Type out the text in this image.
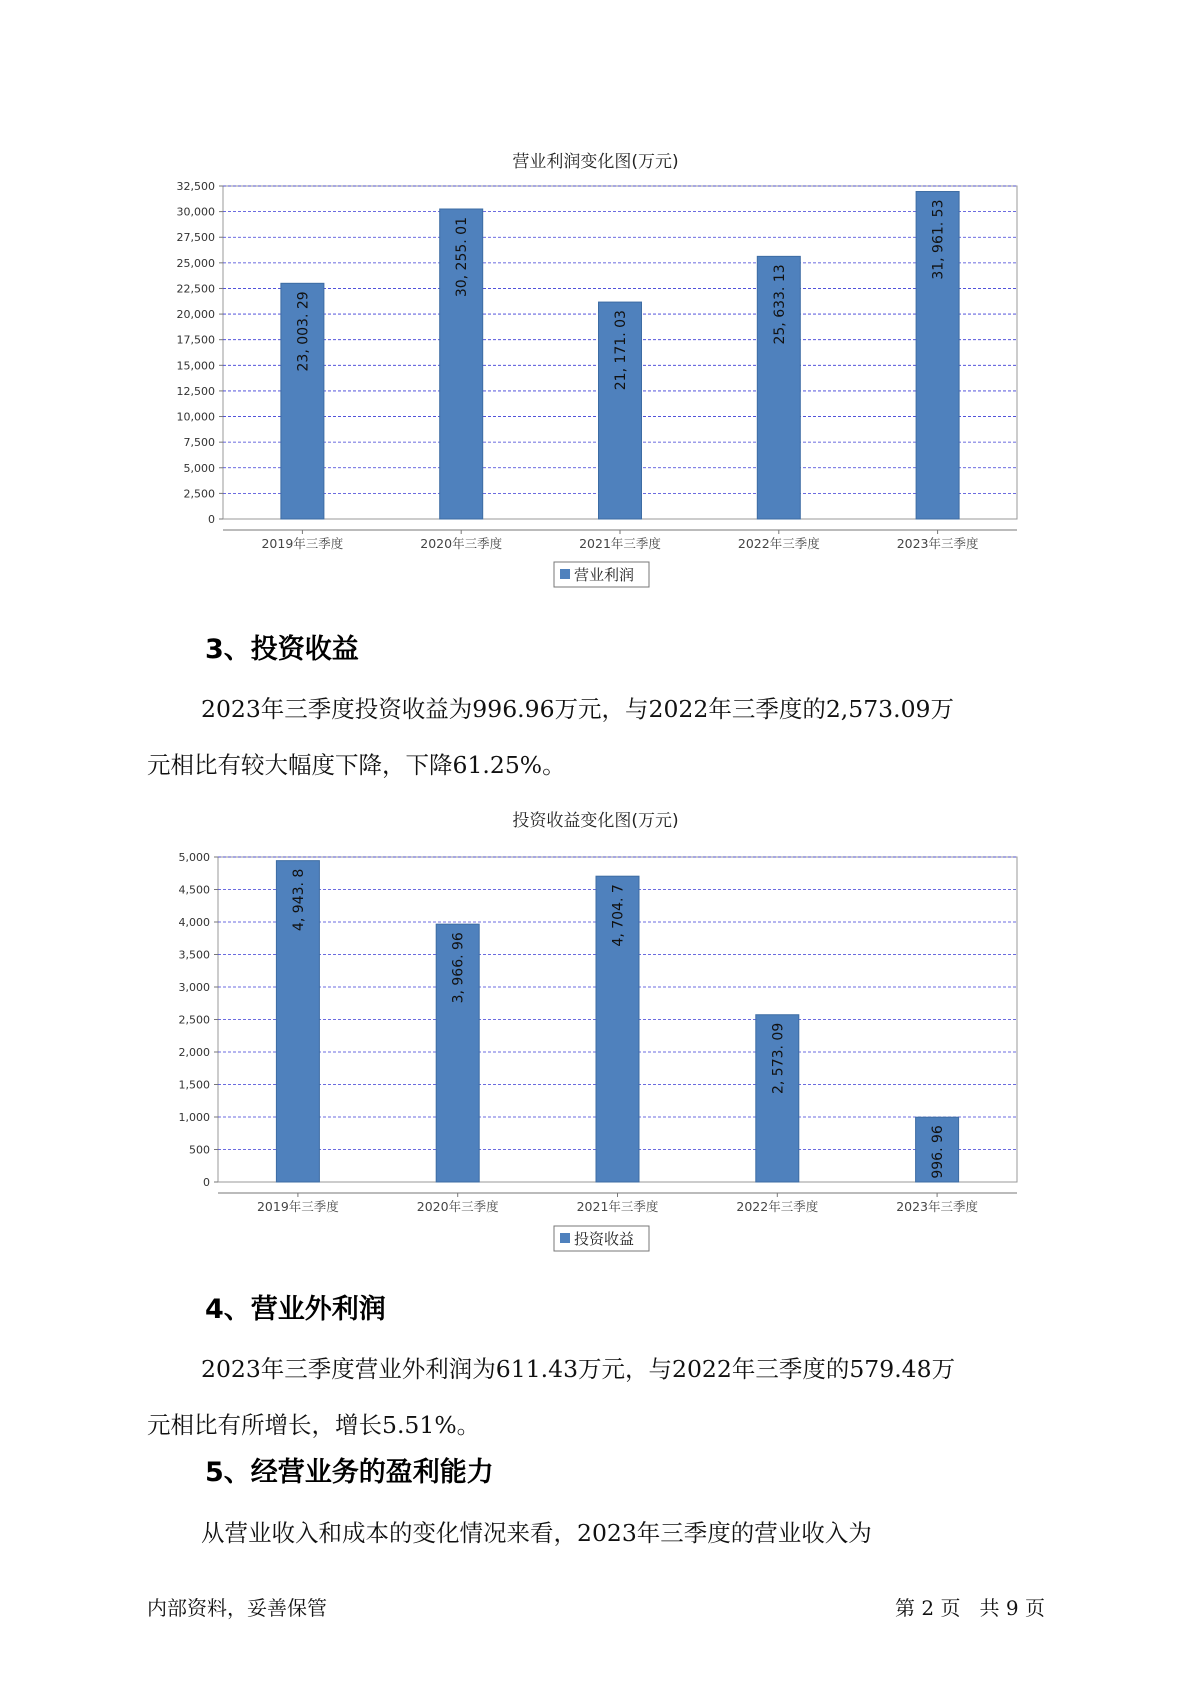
营业利润变化图(万元)
0
2,500
5,000
7,500
10,000
12,500
15,000
17,500
20,000
22,500
25,000
27,500
30,000
32,500
2019年三季度
23, 003. 29
2020年三季度
30, 255. 01
2021年三季度
21, 171. 03
2022年三季度
25, 633. 13
2023年三季度
31, 961. 53
营业利润
3、投资收益
2023年三季度投资收益为996.96万元，与2022年三季度的2,573.09万
元相比有较大幅度下降，下降61.25%。
投资收益变化图(万元)
0
500
1,000
1,500
2,000
2,500
3,000
3,500
4,000
4,500
5,000
2019年三季度
4, 943. 8
2020年三季度
3, 966. 96
2021年三季度
4, 704. 7
2022年三季度
2, 573. 09
2023年三季度
996. 96
投资收益
4、营业外利润
2023年三季度营业外利润为611.43万元，与2022年三季度的579.48万
元相比有所增长，增长5.51%。
5、经营业务的盈利能力
从营业收入和成本的变化情况来看，2023年三季度的营业收入为
内部资料，妥善保管	第 2 页   共 9 页
